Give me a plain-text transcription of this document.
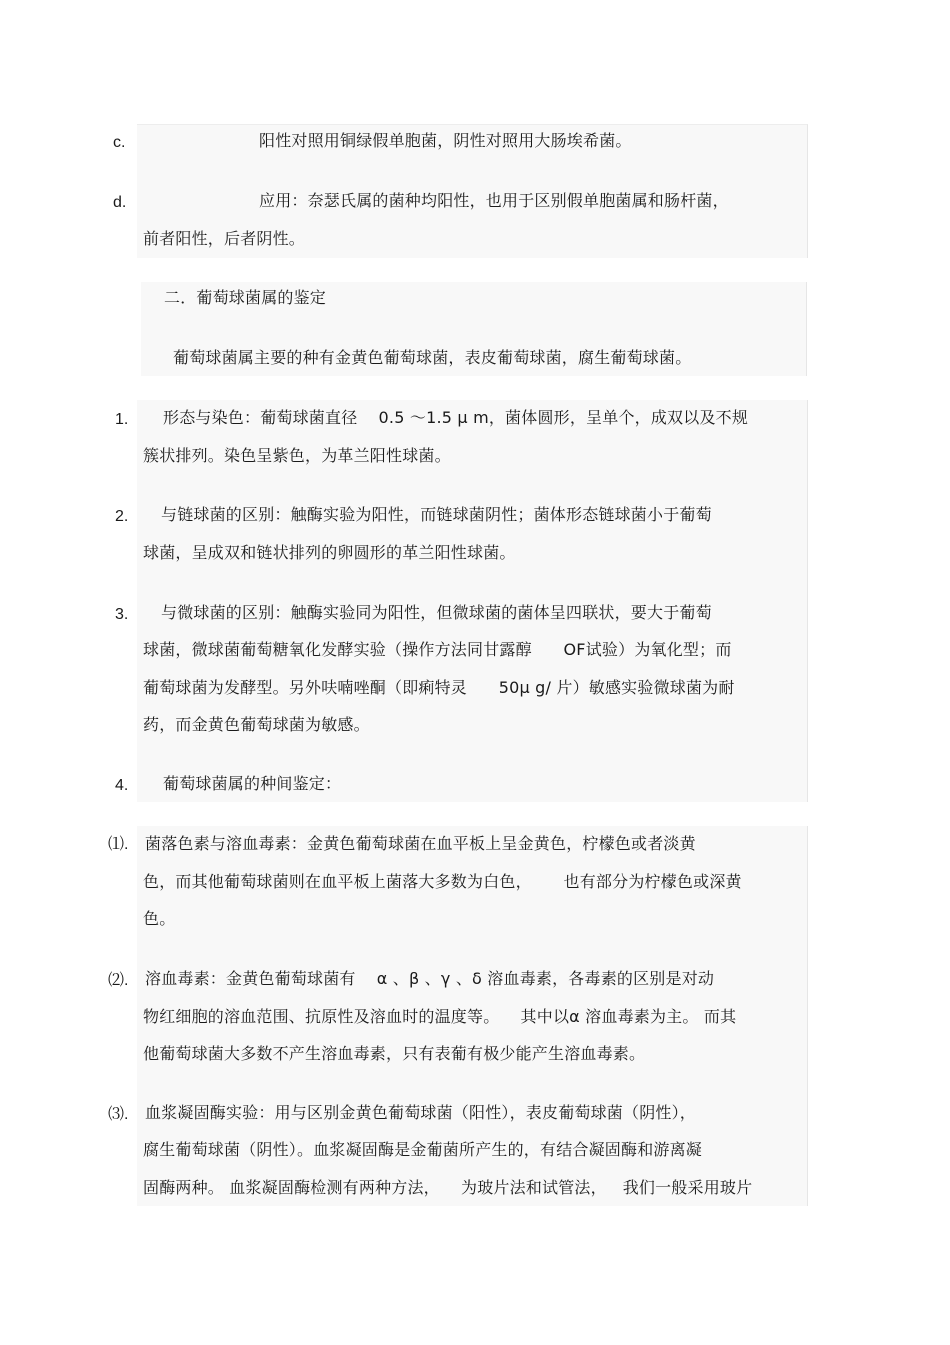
c.	阳性对照用铜绿假单胞菌，阴性对照用大肠埃希菌。
d.	应用：奈瑟氏属的菌种均阳性，也用于区别假单胞菌属和肠杆菌，
前者阳性，后者阴性。
二．葡萄球菌属的鉴定
葡萄球菌属主要的种有金黄色葡萄球菌，表皮葡萄球菌，腐生葡萄球菌。
1. 形态与染色：葡萄球菌直径    0.5 ～1.5 μ m，菌体圆形，呈单个，成双以及不规
簇状排列。染色呈紫色，为革兰阳性球菌。
2. 与链球菌的区别：触酶实验为阳性，而链球菌阴性；菌体形态链球菌小于葡萄
球菌，呈成双和链状排列的卵圆形的革兰阳性球菌。
3. 与微球菌的区别：触酶实验同为阳性，但微球菌的菌体呈四联状，要大于葡萄
球菌，微球菌葡萄糖氧化发酵实验（操作方法同甘露醇      OF试验）为氧化型；而
葡萄球菌为发酵型。另外呋喃唑酮（即痢特灵      50μ g/ 片）敏感实验微球菌为耐
药，而金黄色葡萄球菌为敏感。
4. 葡萄球菌属的种间鉴定：
⑴. 菌落色素与溶血毒素：金黄色葡萄球菌在血平板上呈金黄色，柠檬色或者淡黄
色，而其他葡萄球菌则在血平板上菌落大多数为白色，      也有部分为柠檬色或深黄
色。
⑵. 溶血毒素：金黄色葡萄球菌有    α 、β 、γ 、δ 溶血毒素，各毒素的区别是对动
物红细胞的溶血范围、抗原性及溶血时的温度等。    其中以α 溶血毒素为主。 而其
他葡萄球菌大多数不产生溶血毒素，只有表葡有极少能产生溶血毒素。
⑶. 血浆凝固酶实验：用与区别金黄色葡萄球菌（阳性），表皮葡萄球菌（阴性），
腐生葡萄球菌（阴性）。血浆凝固酶是金葡菌所产生的，有结合凝固酶和游离凝
固酶两种。 血浆凝固酶检测有两种方法，    为玻片法和试管法，   我们一般采用玻片
